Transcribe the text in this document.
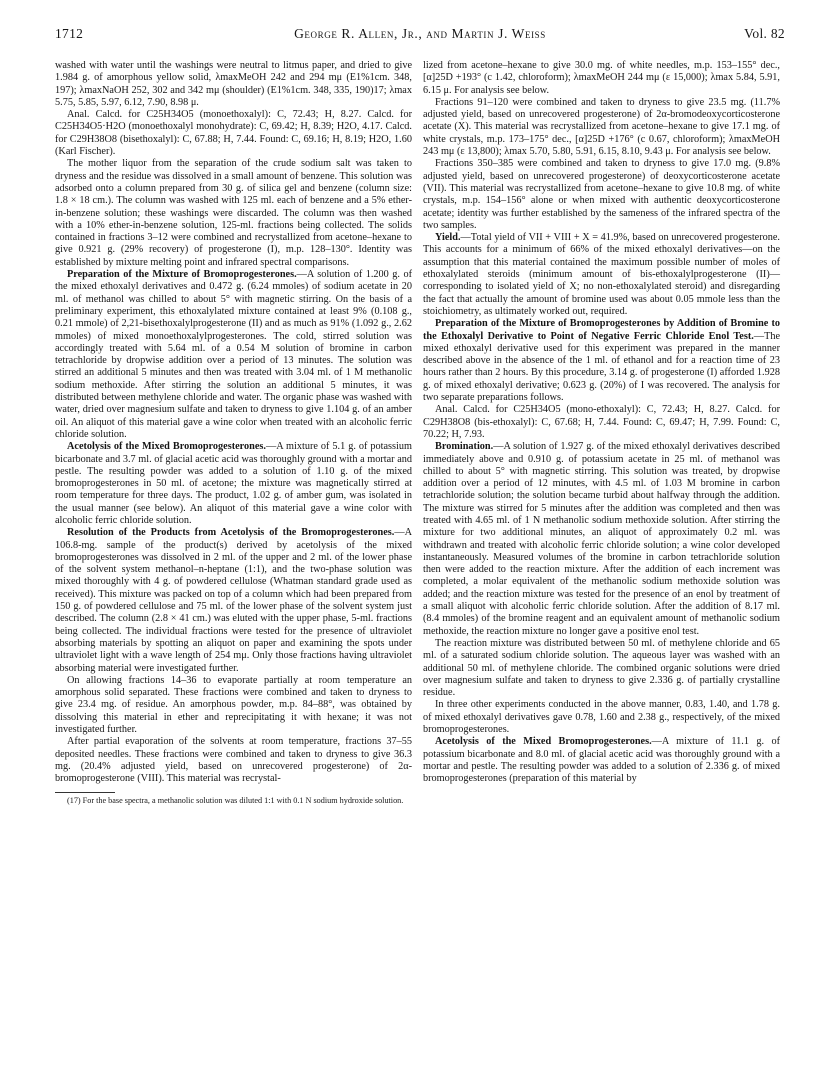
1712	George R. Allen, Jr., and Martin J. Weiss	Vol. 82

washed with water until the washings were neutral to litmus paper, and dried to give 1.984 g. of amorphous yellow solid, λmaxMeOH 242 and 294 mμ (E1%1cm. 348, 197); λmaxNaOH 252, 302 and 342 mμ (shoulder) (E1%1cm. 348, 335, 190)17; λmax 5.75, 5.85, 5.97, 6.12, 7.90, 8.98 μ.

Anal. Calcd. for C25H34O5 (monoethoxalyl): C, 72.43; H, 8.27. Calcd. for C25H34O5·H2O (monoethoxalyl monohydrate): C, 69.42; H, 8.39; H2O, 4.17. Calcd. for C29H38O8 (bisethoxalyl): C, 67.88; H, 7.44. Found: C, 69.16; H, 8.19; H2O, 1.60 (Karl Fischer).

The mother liquor from the separation of the crude sodium salt was taken to dryness and the residue was dissolved in a small amount of benzene. This solution was adsorbed onto a column prepared from 30 g. of silica gel and benzene (column size: 1.8 × 18 cm.). The column was washed with 125 ml. each of benzene and a 5% ether-in-benzene solution; these washings were discarded. The column was then washed with a 10% ether-in-benzene solution, 125-ml. fractions being collected. The solids contained in fractions 3–12 were combined and recrystallized from acetone–hexane to give 0.921 g. (29% recovery) of progesterone (I), m.p. 128–130°. Identity was established by mixture melting point and infrared spectral comparisons.

Preparation of the Mixture of Bromoprogesterones.—A solution of 1.200 g. of the mixed ethoxalyl derivatives and 0.472 g. (6.24 mmoles) of sodium acetate in 20 ml. of methanol was chilled to about 5° with magnetic stirring. On the basis of a preliminary experiment, this ethoxalylated mixture contained at least 9% (0.108 g., 0.21 mmole) of 2,21-bisethoxalylprogesterone (II) and as much as 91% (1.092 g., 2.62 mmoles) of mixed monoethoxalylprogesterones. The cold, stirred solution was accordingly treated with 5.64 ml. of a 0.54 M solution of bromine in carbon tetrachloride by dropwise addition over a period of 13 minutes. The solution was stirred an additional 5 minutes and then was treated with 3.04 ml. of 1 M methanolic sodium methoxide. After stirring the solution an additional 5 minutes, it was distributed between methylene chloride and water. The organic phase was washed with water, dried over magnesium sulfate and taken to dryness to give 1.104 g. of an amber oil. An aliquot of this material gave a wine color when treated with an alcoholic ferric chloride solution.

Acetolysis of the Mixed Bromoprogesterones.—A mixture of 5.1 g. of potassium bicarbonate and 3.7 ml. of glacial acetic acid was thoroughly ground with a mortar and pestle. The resulting powder was added to a solution of 1.10 g. of the mixed bromoprogesterones in 50 ml. of acetone; the mixture was magnetically stirred at room temperature for three days. The product, 1.02 g. of amber gum, was isolated in the usual manner (see below). An aliquot of this material gave a wine color with alcoholic ferric chloride solution.

Resolution of the Products from Acetolysis of the Bromoprogesterones.—A 106.8-mg. sample of the product(s) derived by acetolysis of the mixed bromoprogesterones was dissolved in 2 ml. of the upper and 2 ml. of the lower phase of the solvent system methanol–n-heptane (1:1), and the two-phase solution was mixed thoroughly with 4 g. of powdered cellulose (Whatman standard grade used as received). This mixture was packed on top of a column which had been prepared from 150 g. of powdered cellulose and 75 ml. of the lower phase of the solvent system just described. The column (2.8 × 41 cm.) was eluted with the upper phase, 5-ml. fractions being collected. The individual fractions were tested for the presence of ultraviolet absorbing materials by spotting an aliquot on paper and examining the spots under ultraviolet light with a wave length of 254 mμ. Only those fractions having ultraviolet absorbing material were investigated further.

On allowing fractions 14–36 to evaporate partially at room temperature an amorphous solid separated. These fractions were combined and taken to dryness to give 23.4 mg. of residue. An amorphous powder, m.p. 84–88°, was obtained by dissolving this material in ether and reprecipitating it with hexane; it was not investigated further.

After partial evaporation of the solvents at room temperature, fractions 37–55 deposited needles. These fractions were combined and taken to dryness to give 36.3 mg. (20.4% adjusted yield, based on unrecovered progesterone) of 2α-bromoprogesterone (VIII). This material was recrystal-

(17) For the base spectra, a methanolic solution was diluted 1:1 with 0.1 N sodium hydroxide solution.

lized from acetone–hexane to give 30.0 mg. of white needles, m.p. 153–155° dec., [α]25D +193° (c 1.42, chloroform); λmaxMeOH 244 mμ (ε 15,000); λmax 5.84, 5.91, 6.15 μ. For analysis see below.

Fractions 91–120 were combined and taken to dryness to give 23.5 mg. (11.7% adjusted yield, based on unrecovered progesterone) of 2α-bromodeoxycorticosterone acetate (X). This material was recrystallized from acetone–hexane to give 17.1 mg. of white crystals, m.p. 173–175° dec., [α]25D +176° (c 0.67, chloroform); λmaxMeOH 243 mμ (ε 13,800); λmax 5.70, 5.80, 5.91, 6.15, 8.10, 9.43 μ. For analysis see below.

Fractions 350–385 were combined and taken to dryness to give 17.0 mg. (9.8% adjusted yield, based on unrecovered progesterone) of deoxycorticosterone acetate (VII). This material was recrystallized from acetone–hexane to give 10.8 mg. of white crystals, m.p. 154–156° alone or when mixed with authentic deoxycorticosterone acetate; identity was further established by the sameness of the infrared spectra of the two samples.

Yield.—Total yield of VII + VIII + X = 41.9%, based on unrecovered progesterone. This accounts for a minimum of 66% of the mixed ethoxalyl derivatives—on the assumption that this material contained the maximum possible number of moles of ethoxalylated steroids (minimum amount of bis-ethoxalylprogesterone (II)—corresponding to isolated yield of X; no non-ethoxalylated steroid) and disregarding the fact that actually the amount of bromine used was about 0.05 mmole less than the stoichiometry, as ultimately worked out, required.

Preparation of the Mixture of Bromoprogesterones by Addition of Bromine to the Ethoxalyl Derivative to Point of Negative Ferric Chloride Enol Test.—The mixed ethoxalyl derivative used for this experiment was prepared in the manner described above in the absence of the 1 ml. of ethanol and for a reaction time of 23 hours rather than 2 hours. By this procedure, 3.14 g. of progesterone (I) afforded 1.928 g. of mixed ethoxalyl derivative; 0.623 g. (20%) of I was recovered. The analysis for two separate preparations follows.

Anal. Calcd. for C25H34O5 (mono-ethoxalyl): C, 72.43; H, 8.27. Calcd. for C29H38O8 (bis-ethoxalyl): C, 67.68; H, 7.44. Found: C, 69.47; H, 7.99. Found: C, 70.22; H, 7.93.

Bromination.—A solution of 1.927 g. of the mixed ethoxalyl derivatives described immediately above and 0.910 g. of potassium acetate in 25 ml. of methanol was chilled to about 5° with magnetic stirring. This solution was treated, by dropwise addition over a period of 12 minutes, with 4.5 ml. of 1.03 M bromine in carbon tetrachloride solution; the solution became turbid about halfway through the addition. The mixture was stirred for 5 minutes after the addition was completed and then was treated with 4.65 ml. of 1 N methanolic sodium methoxide solution. After stirring the mixture for two additional minutes, an aliquot of approximately 0.2 ml. was withdrawn and treated with alcoholic ferric chloride solution; a wine color developed instantaneously. Measured volumes of the bromine in carbon tetrachloride solution then were added to the reaction mixture. After the addition of each increment was completed, a molar equivalent of the methanolic sodium methoxide solution was added; and the reaction mixture was tested for the presence of an enol by treatment of a small aliquot with alcoholic ferric chloride solution. After the addition of 8.17 ml. (8.4 mmoles) of the bromine reagent and an equivalent amount of methanolic sodium methoxide, the reaction mixture no longer gave a positive enol test.

The reaction mixture was distributed between 50 ml. of methylene chloride and 65 ml. of a saturated sodium chloride solution. The aqueous layer was washed with an additional 50 ml. of methylene chloride. The combined organic solutions were dried over magnesium sulfate and taken to dryness to give 2.336 g. of partially crystalline residue.

In three other experiments conducted in the above manner, 0.83, 1.40, and 1.78 g. of mixed ethoxalyl derivatives gave 0.78, 1.60 and 2.38 g., respectively, of the mixed bromoprogesterones.

Acetolysis of the Mixed Bromoprogesterones.—A mixture of 11.1 g. of potassium bicarbonate and 8.0 ml. of glacial acetic acid was thoroughly ground with a mortar and pestle. The resulting powder was added to a solution of 2.336 g. of mixed bromoprogesterones (preparation of this material by
